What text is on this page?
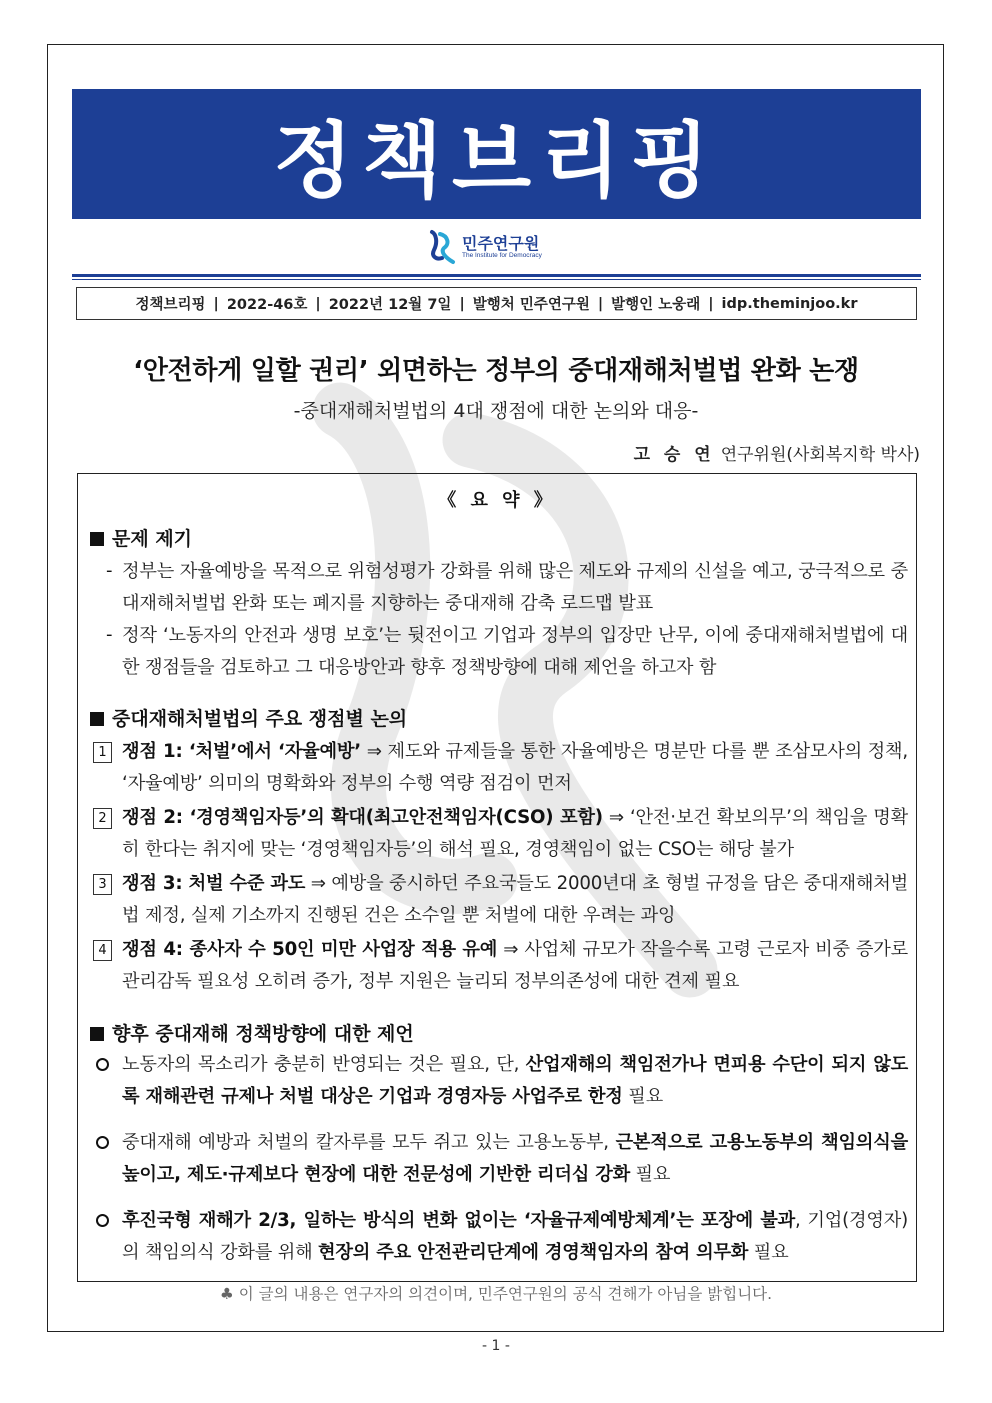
정책브리핑
민주연구원
The Institute for Democracy
정책브리핑 | 2022-46호 | 2022년 12월 7일 | 발행처 민주연구원 | 발행인 노웅래 | idp.theminjoo.kr
‘안전하게 일할 권리’ 외면하는 정부의 중대재해처벌법 완화 논쟁
-중대재해처벌법의 4대 쟁점에 대한 논의와 대응-
고 승 연 연구위원(사회복지학 박사)
《 요 약 》
문제 제기
- 정부는 자율예방을 목적으로 위험성평가 강화를 위해 많은 제도와 규제의 신설을 예고, 궁극적으로 중대재해처벌법 완화 또는 폐지를 지향하는 중대재해 감축 로드맵 발표
- 정작 ‘노동자의 안전과 생명 보호’는 뒷전이고 기업과 정부의 입장만 난무, 이에 중대재해처벌법에 대한 쟁점들을 검토하고 그 대응방안과 향후 정책방향에 대해 제언을 하고자 함
중대재해처벌법의 주요 쟁점별 논의
1 쟁점 1: ‘처벌’에서 ‘자율예방’ ⇒ 제도와 규제들을 통한 자율예방은 명분만 다를 뿐 조삼모사의 정책, ‘자율예방’ 의미의 명확화와 정부의 수행 역량 점검이 먼저
2 쟁점 2: ‘경영책임자등’의 확대(최고안전책임자(CSO) 포함) ⇒ ‘안전·보건 확보의무’의 책임을 명확히 한다는 취지에 맞는 ‘경영책임자등’의 해석 필요, 경영책임이 없는 CSO는 해당 불가
3 쟁점 3: 처벌 수준 과도 ⇒ 예방을 중시하던 주요국들도 2000년대 초 형벌 규정을 담은 중대재해처벌법 제정, 실제 기소까지 진행된 건은 소수일 뿐 처벌에 대한 우려는 과잉
4 쟁점 4: 종사자 수 50인 미만 사업장 적용 유예 ⇒ 사업체 규모가 작을수록 고령 근로자 비중 증가로 관리감독 필요성 오히려 증가, 정부 지원은 늘리되 정부의존성에 대한 견제 필요
향후 중대재해 정책방향에 대한 제언
노동자의 목소리가 충분히 반영되는 것은 필요, 단, 산업재해의 책임전가나 면피용 수단이 되지 않도록 재해관련 규제나 처벌 대상은 기업과 경영자등 사업주로 한정 필요
중대재해 예방과 처벌의 칼자루를 모두 쥐고 있는 고용노동부, 근본적으로 고용노동부의 책임의식을 높이고, 제도·규제보다 현장에 대한 전문성에 기반한 리더십 강화 필요
후진국형 재해가 2/3, 일하는 방식의 변화 없이는 ‘자율규제예방체계’는 포장에 불과, 기업(경영자)의 책임의식 강화를 위해 현장의 주요 안전관리단계에 경영책임자의 참여 의무화 필요
♣ 이 글의 내용은 연구자의 의견이며, 민주연구원의 공식 견해가 아님을 밝힙니다.
- 1 -
